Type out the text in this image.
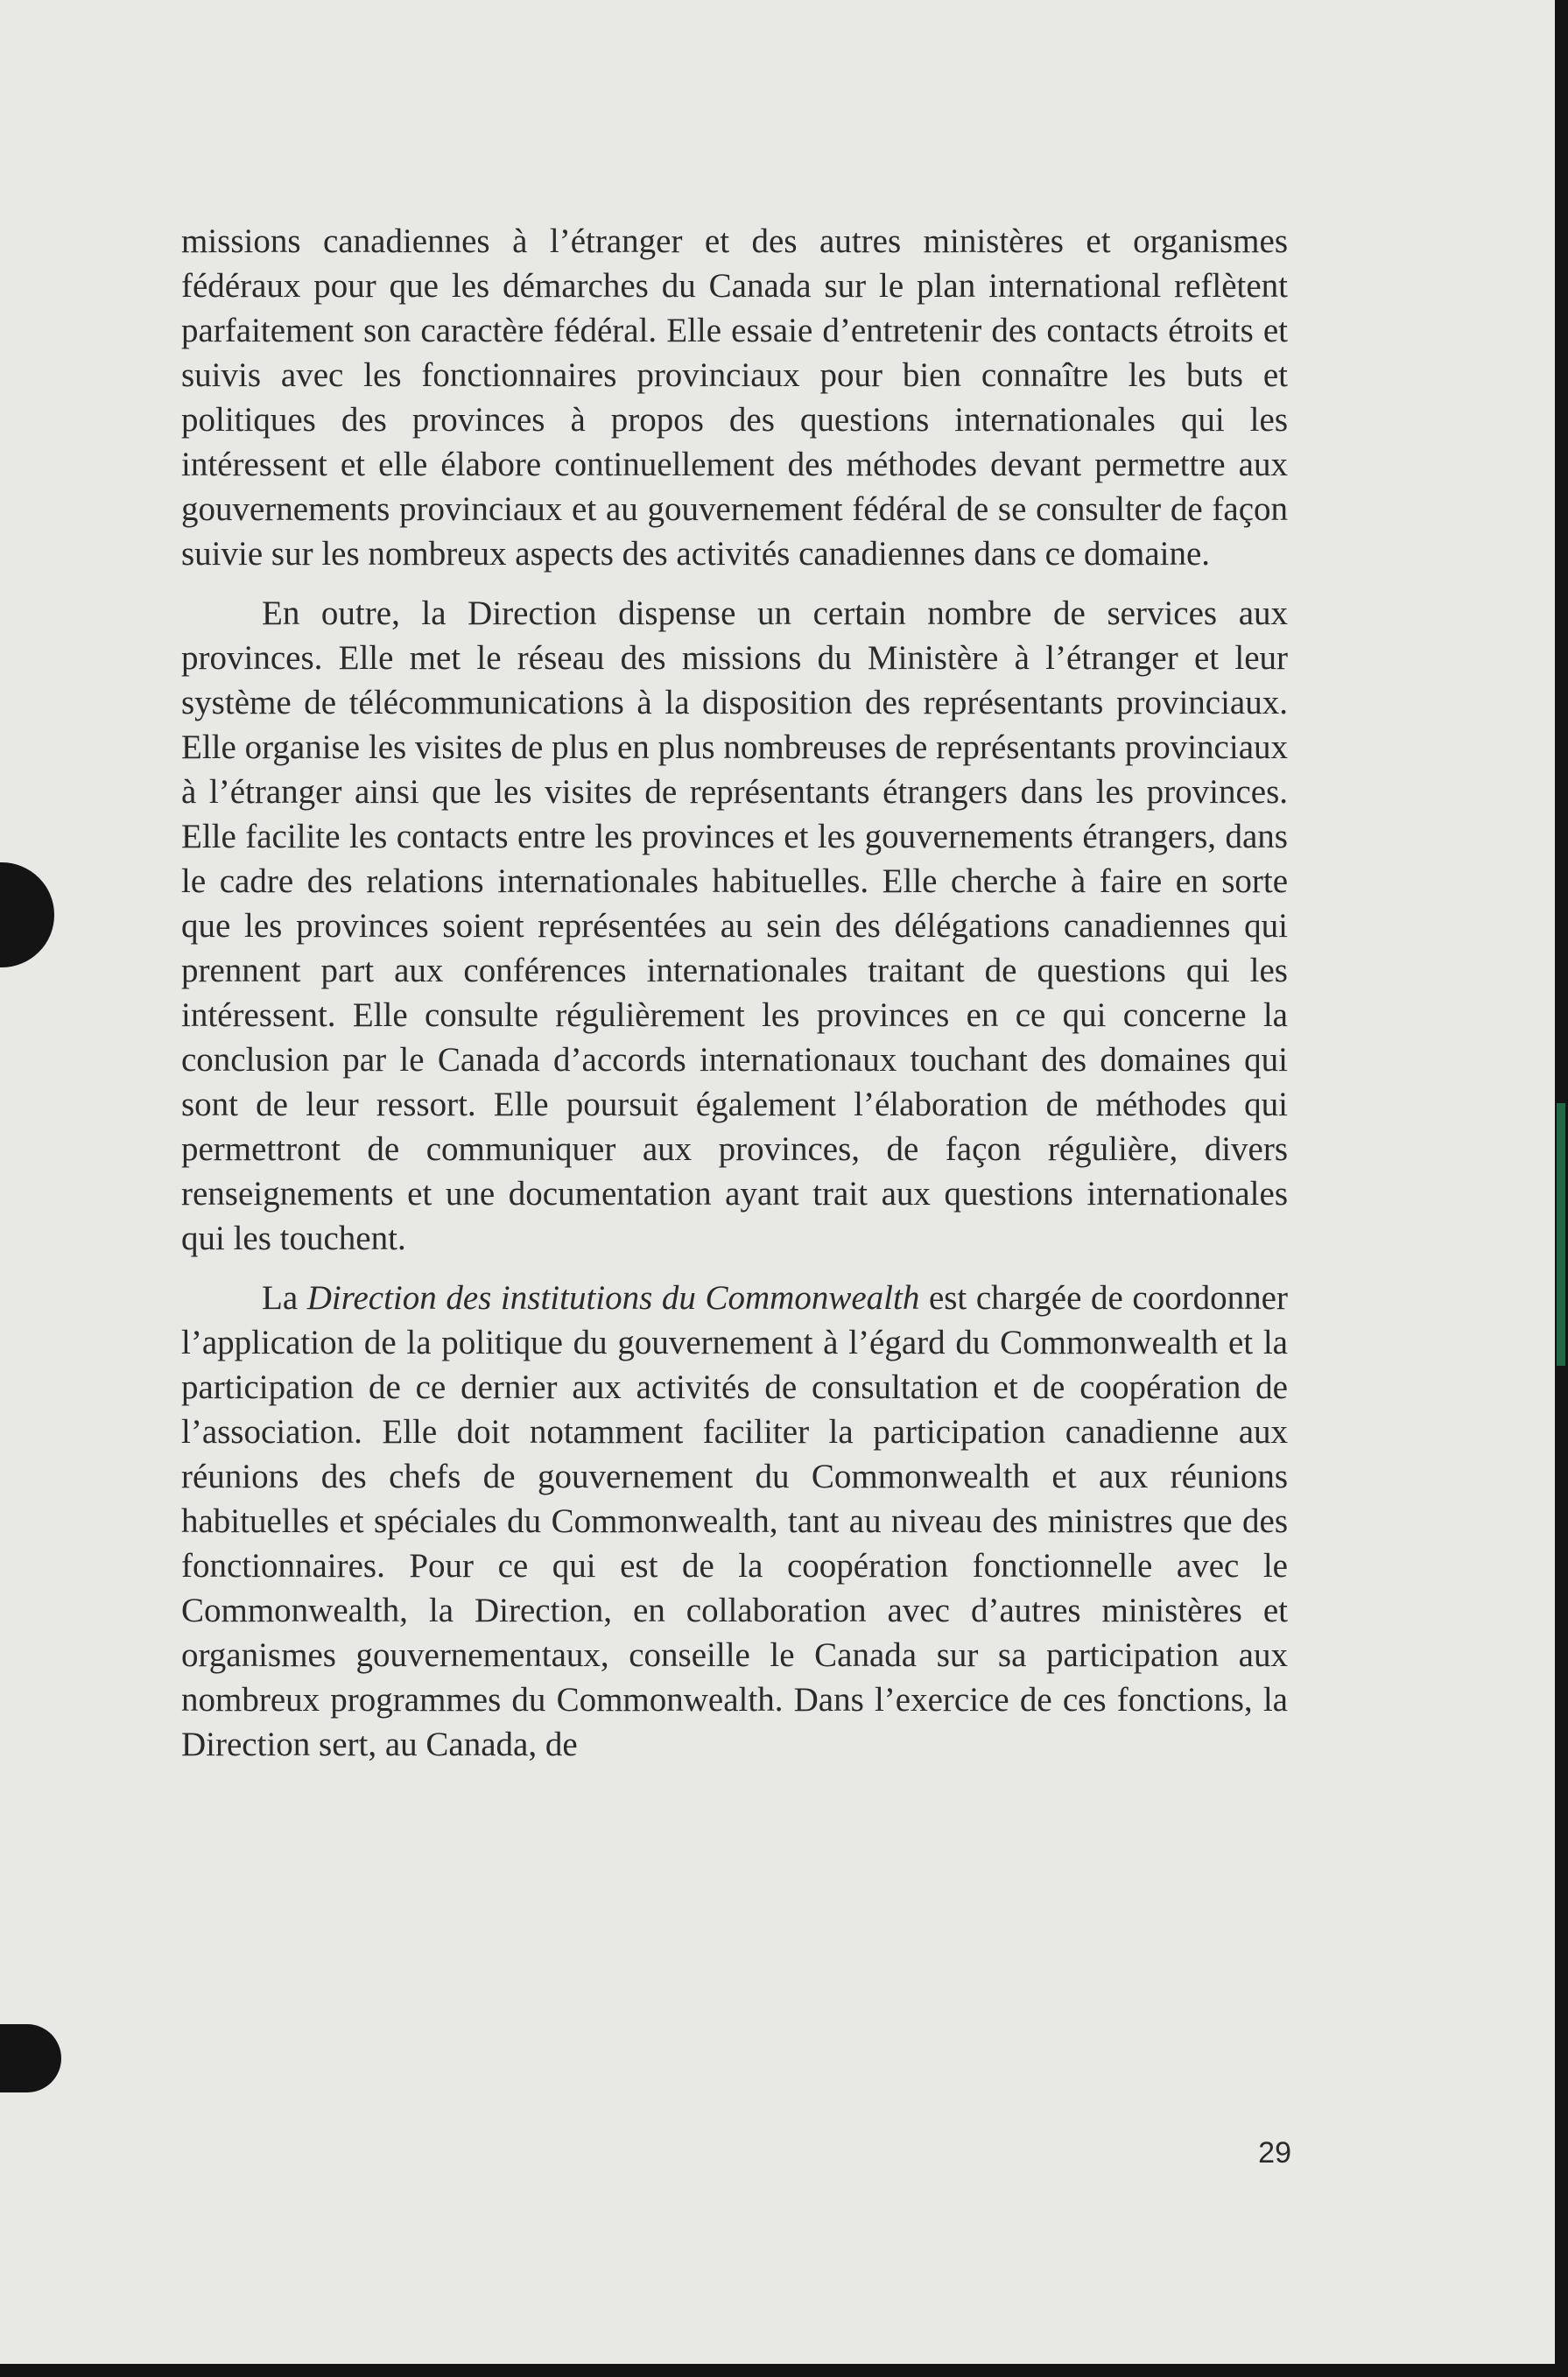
missions canadiennes à l’étranger et des autres ministères et organismes fédéraux pour que les démarches du Canada sur le plan international reflètent parfaitement son caractère fédéral. Elle essaie d’entretenir des contacts étroits et suivis avec les fonctionnaires provinciaux pour bien connaître les buts et politiques des provinces à propos des questions internationales qui les intéressent et elle élabore continuellement des méthodes devant permettre aux gouvernements provinciaux et au gouvernement fédéral de se consulter de façon suivie sur les nombreux aspects des activités canadiennes dans ce domaine.

En outre, la Direction dispense un certain nombre de services aux provinces. Elle met le réseau des missions du Ministère à l’étranger et leur système de télécommunications à la disposition des représentants provinciaux. Elle organise les visites de plus en plus nombreuses de représentants provinciaux à l’étranger ainsi que les visites de représentants étrangers dans les provinces. Elle facilite les contacts entre les provinces et les gouvernements étrangers, dans le cadre des relations internationales habituelles. Elle cherche à faire en sorte que les provinces soient représentées au sein des délégations canadiennes qui prennent part aux conférences internationales traitant de questions qui les intéressent. Elle consulte régulièrement les provinces en ce qui concerne la conclusion par le Canada d’accords internationaux touchant des domaines qui sont de leur ressort. Elle poursuit également l’élaboration de méthodes qui permettront de communiquer aux provinces, de façon régulière, divers renseignements et une documentation ayant trait aux questions internationales qui les touchent.

La Direction des institutions du Commonwealth est chargée de coordonner l’application de la politique du gouvernement à l’égard du Commonwealth et la participation de ce dernier aux activités de consultation et de coopération de l’association. Elle doit notamment faciliter la participation canadienne aux réunions des chefs de gouvernement du Commonwealth et aux réunions habituelles et spéciales du Commonwealth, tant au niveau des ministres que des fonctionnaires. Pour ce qui est de la coopération fonctionnelle avec le Commonwealth, la Direction, en collaboration avec d’autres ministères et organismes gouvernementaux, conseille le Canada sur sa participation aux nombreux programmes du Commonwealth. Dans l’exercice de ces fonctions, la Direction sert, au Canada, de

29
